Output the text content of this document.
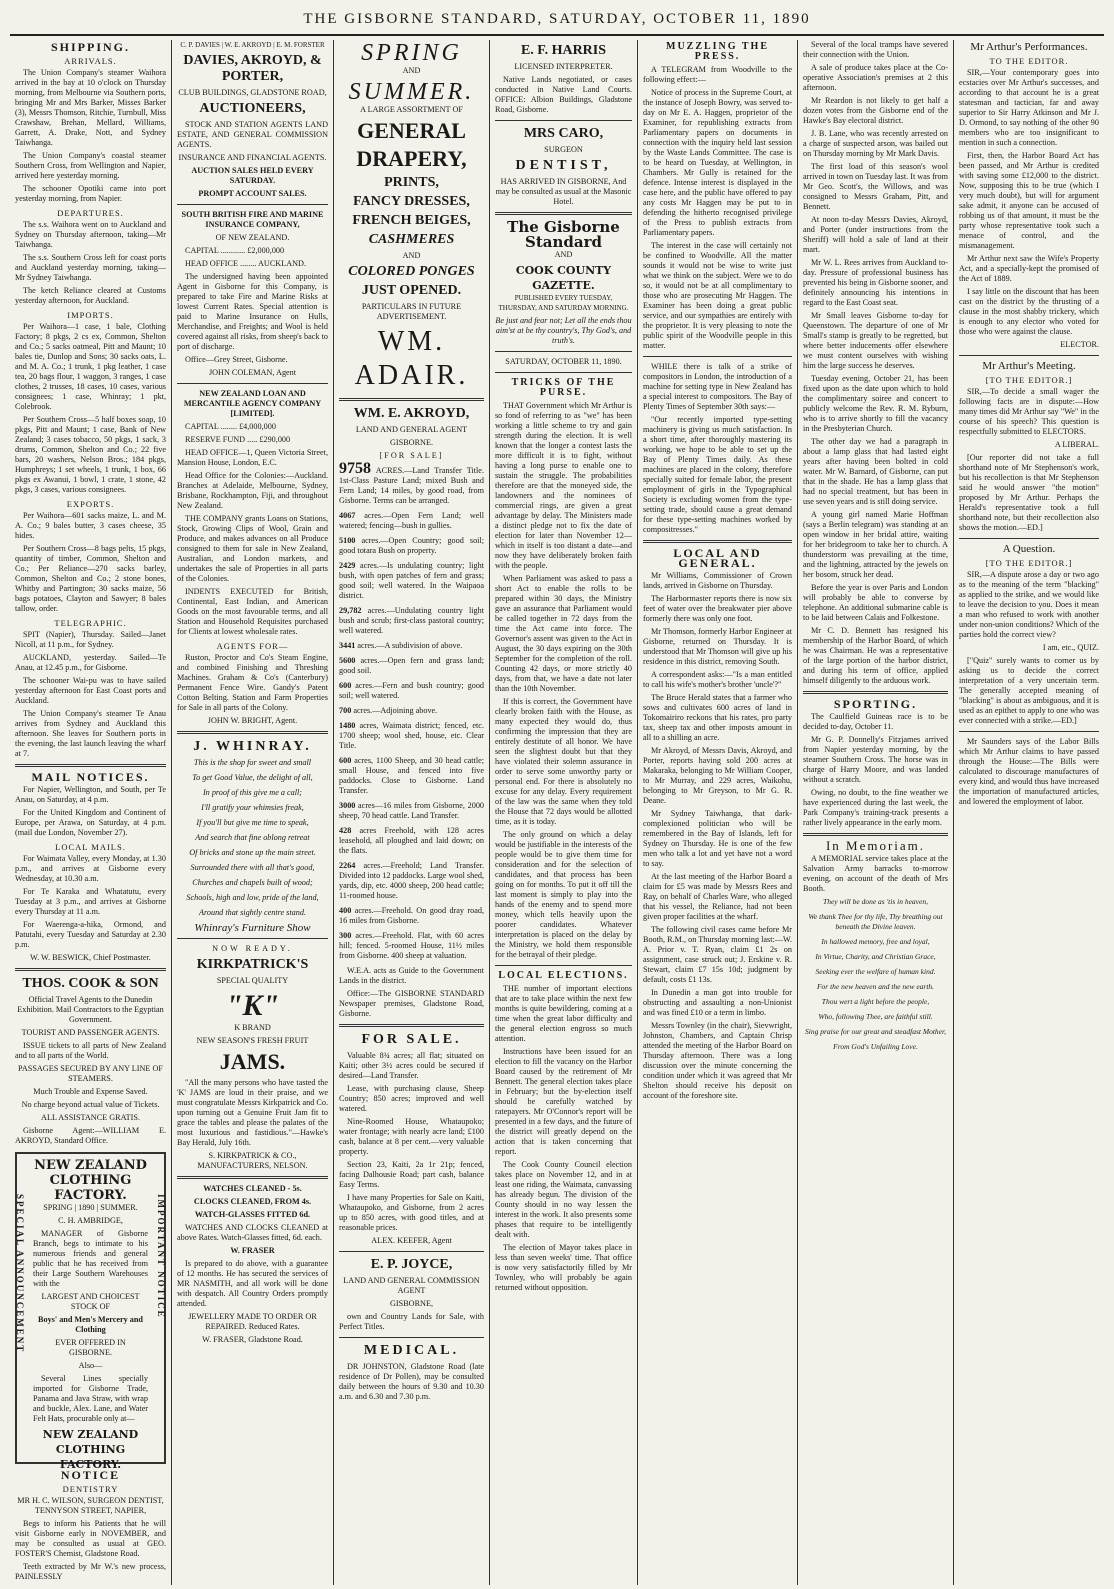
THE GISBORNE STANDARD, SATURDAY, OCTOBER 11, 1890
SHIPPING.
ARRIVALS.

The Union Company's steamer Waihora arrived in the bay at 10 o'clock on Thursday morning, from Melbourne via Southern ports, bringing Mr and Mrs Barker, Misses Barker (3), Messrs Thomson, Ritchie, Turnbull, Miss Crawshaw, Brehan, Mellard, Williams, Garrett, A. Drake, Nott, and Sydney Taiwhanga.

The Union Company's coastal steamer Southern Cross, from Wellington and Napier, arrived here yesterday morning.

The schooner Opotiki came into port yesterday morning, from Napier.

DEPARTURES.

The s.s. Waihora went on to Auckland and Sydney on Thursday afternoon, taking—Mr Taiwhanga.

The s.s. Southern Cross left for coast ports and Auckland yesterday morning, taking—Mr Sydney Taiwhanga.

The ketch Reliance cleared at Customs yesterday afternoon, for Auckland.

IMPORTS.

Per Waihora—1 case, 1 bale, Clothing Factory; 8 pkgs, 2 cs ex, Common, Shelton and Co.; 5 sacks oatmeal, Pitt and Maunt; 10 bales tie, Dunlop and Sons; 30 sacks oats, L. and M. A. Co.; 1 trunk, 1 pkg leather, 1 case tea, 20 bags flour, 1 waggon, 3 ranges, 1 case clothes, 2 trusses, 18 cases, 10 cases, various consignees; 1 case, Whinray; 1 pkt, Colebrook.

Per Southern Cross—5 half boxes soap, 10 pkgs, Pitt and Maunt; 1 case, Bank of New Zealand; 3 cases tobacco, 50 pkgs, 1 sack, 3 drums, Common, Shelton and Co.; 22 five bars, 20 washers, Nelson Bros.; 184 pkgs, Humphreys; 1 set wheels, 1 trunk, 1 box, 66 pkgs ex Awanui, 1 bowl, 1 crate, 1 stone, 42 pkgs, 3 cases, various consignees.

EXPORTS.

Per Waihora—601 sacks maize, L. and M. A. Co.; 9 bales butter, 3 cases cheese, 35 hides.

Per Southern Cross—8 bags pelts, 15 pkgs, quantity of timber, Common, Shelton and Co.; Per Reliance—270 sacks barley, Common, Shelton and Co.; 2 stone bones, Whitby and Partington; 30 sacks maize, 56 bags potatoes, Clayton and Sawyer; 8 bales tallow, order.

TELEGRAPHIC.

SPIT (Napier), Thursday. Sailed—Janet Nicoll, at 11 p.m., for Sydney.

AUCKLAND, yesterday. Sailed—Te Anau, at 12.45 p.m., for Gisborne.

The schooner Wai-pu was to have sailed yesterday afternoon for East Coast ports and Auckland.

The Union Company's steamer Te Anau arrives from Sydney and Auckland this afternoon. She leaves for Southern ports in the evening, the last launch leaving the wharf at 7.

MAIL NOTICES.

For Napier, Wellington, and South, per Te Anau, on Saturday, at 4 p.m.

For the United Kingdom and Continent of Europe, per Arawa, on Saturday, at 4 p.m. (mail due London, November 27).

LOCAL MAILS.

For Waimata Valley, every Monday, at 1.30 p.m., and arrives at Gisborne every Wednesday, at 10.30 a.m.

For Te Karaka and Whatatutu, every Tuesday at 3 p.m., and arrives at Gisborne every Thursday at 11 a.m.

For Waerenga-a-hika, Ormond, and Patutahi, every Tuesday and Saturday at 2.30 p.m.

W. W. BESWICK, Chief Postmaster.

THOS. COOK & SON

Official Travel Agents to the Dunedin Exhibition. Mail Contractors to the Egyptian Government.

TOURIST AND PASSENGER AGENTS.

ISSUE tickets to all parts of New Zealand and to all parts of the World.

PASSAGES SECURED BY ANY LINE OF STEAMERS.

Much Trouble and Expense Saved.

No charge beyond actual value of Tickets.

ALL ASSISTANCE GRATIS.

Gisborne Agent:—WILLIAM E. AKROYD, Standard Office.

SPECIAL ANNOUNCEMENT	IMPORTANT NOTICE
NEW ZEALAND
CLOTHING FACTORY.

SPRING | 1890 | SUMMER.

C. H. AMBRIDGE,

MANAGER of Gisborne Branch, begs to intimate to his numerous friends and general public that he has received from their Large Southern Warehouses with the

LARGEST AND CHOICEST STOCK OF

Boys' and Men's Mercery and Clothing

EVER OFFERED IN GISBORNE.

Also—

Several Lines specially imported for Gisborne Trade, Panama and Java Straw, with wrap and buckle, Alex. Lane, and Water Felt Hats, procurable only at—

NEW ZEALAND CLOTHING FACTORY.
NOTICE
DENTISTRY

MR H. C. WILSON, SURGEON DENTIST, TENNYSON STREET, NAPIER,

Begs to inform his Patients that he will visit Gisborne early in NOVEMBER, and may be consulted as usual at GEO. FOSTER'S Chemist, Gladstone Road.

Teeth extracted by Mr W.'s new process, PAINLESSLY

C. P. DAVIES | W. E. AKROYD | E. M. FORSTER

DAVIES, AKROYD, & PORTER,

CLUB BUILDINGS, GLADSTONE ROAD,

AUCTIONEERS,

STOCK AND STATION AGENTS LAND ESTATE, AND GENERAL COMMISSION AGENTS.

INSURANCE AND FINANCIAL AGENTS.

AUCTION SALES HELD EVERY SATURDAY.

PROMPT ACCOUNT SALES.

SOUTH BRITISH FIRE AND MARINE INSURANCE COMPANY,

OF NEW ZEALAND.

CAPITAL ............ £2,000,000

HEAD OFFICE ........ AUCKLAND.

The undersigned having been appointed Agent in Gisborne for this Company, is prepared to take Fire and Marine Risks at lowest Current Rates. Special attention is paid to Marine Insurance on Hulls, Merchandise, and Freights; and Wool is held covered against all risks, from sheep's back to port of discharge.

Office—Grey Street, Gisborne.

JOHN COLEMAN, Agent

NEW ZEALAND LOAN AND MERCANTILE AGENCY COMPANY [LIMITED].

CAPITAL ........ £4,000,000

RESERVE FUND ..... £290,000

HEAD OFFICE—1, Queen Victoria Street, Mansion House, London, E.C.

Head Office for the Colonies:—Auckland. Branches at Adelaide, Melbourne, Sydney, Brisbane, Rockhampton, Fiji, and throughout New Zealand.

THE COMPANY grants Loans on Stations, Stock, Growing Clips of Wool, Grain and Produce, and makes advances on all Produce consigned to them for sale in New Zealand, Australian, and London markets, and undertakes the sale of Properties in all parts of the Colonies.

INDENTS EXECUTED for British, Continental, East Indian, and American Goods on the most favourable terms, and all Station and Household Requisites purchased for Clients at lowest wholesale rates.

AGENTS FOR—

Ruston, Proctor and Co's Steam Engine, and combined Finishing and Threshing Machines. Graham & Co's (Canterbury) Permanent Fence Wire. Gandy's Patent Cotton Belting. Station and Farm Properties for Sale in all parts of the Colony.

JOHN W. BRIGHT, Agent.

J. WHINRAY.

This is the shop for sweet and small

To get Good Value, the delight of all,

In proof of this give me a call;

I'll gratify your whimsies freak,

If you'll but give me time to speak,

And search that fine oblong retreat

Of bricks and stone up the main street.

Surrounded there with all that's good,

Churches and chapels built of wood;

Schools, high and low, pride of the land,

Around that sightly centre stand.

Whinray's Furniture Show

NOW READY.

KIRKPATRICK'S

SPECIAL QUALITY

"K"

K BRAND

NEW SEASON'S FRESH FRUIT

JAMS.

"All the many persons who have tasted the 'K' JAMS are loud in their praise, and we must congratulate Messrs Kirkpatrick and Co. upon turning out a Genuine Fruit Jam fit to grace the tables and please the palates of the most luxurious and fastidious."—Hawke's Bay Herald, July 16th.

S. KIRKPATRICK & CO., MANUFACTURERS, NELSON.

WATCHES CLEANED - 5s.

CLOCKS CLEANED, FROM 4s.

WATCH-GLASSES FITTED 6d.

WATCHES AND CLOCKS CLEANED at above Rates. Watch-Glasses fitted, 6d. each.

W. FRASER

Is prepared to do above, with a guarantee of 12 months. He has secured the services of MR NASMITH, and all work will be done with despatch. All Country Orders promptly attended.

JEWELLERY MADE TO ORDER OR REPAIRED. Reduced Rates.

W. FRASER, Gladstone Road.

SPRING

AND

SUMMER.

A LARGE ASSORTMENT OF

GENERAL
DRAPERY,
PRINTS,
FANCY DRESSES,
FRENCH BEIGES,
CASHMERES

AND

COLORED PONGES
JUST OPENED.

PARTICULARS IN FUTURE ADVERTISEMENT.

WM. ADAIR.
WM. E. AKROYD,

LAND AND GENERAL AGENT

GISBORNE.

[FOR SALE]

9758 ACRES.—Land Transfer Title. 1st-Class Pasture Land; mixed Bush and Fern Land; 14 miles, by good road, from Gisborne. Terms can be arranged.

4067 acres.—Open Fern Land; well watered; fencing—bush in gullies.

5100 acres.—Open Country; good soil; good totara Bush on property.

2429 acres.—Is undulating country; light bush, with open patches of fern and grass; good soil; well watered. In the Waipaoa district.

29,782 acres.—Undulating country light bush and scrub; first-class pastoral country; well watered.

3441 acres.—A subdivision of above.

5600 acres.—Open fern and grass land; good soil.

600 acres.—Fern and bush country; good soil; well watered.

700 acres.—Adjoining above.

1480 acres, Waimata district; fenced, etc. 1700 sheep; wool shed, house, etc. Clear Title.

600 acres, 1100 Sheep, and 30 head cattle; small House, and fenced into five paddocks. Close to Gisborne. Land Transfer.

3000 acres—16 miles from Gisborne, 2000 sheep, 70 head cattle. Land Transfer.

428 acres Freehold, with 128 acres leasehold, all ploughed and laid down; on the flats.

2264 acres.—Freehold; Land Transfer. Divided into 12 paddocks. Large wool shed, yards, dip, etc. 4000 sheep, 200 head cattle; 11-roomed house.

400 acres.—Freehold. On good dray road, 16 miles from Gisborne.

300 acres.—Freehold. Flat, with 60 acres hill; fenced. 5-roomed House, 11½ miles from Gisborne. 400 sheep at valuation.

W.E.A. acts as Guide to the Government Lands in the district.

Office:—The GISBORNE STANDARD Newspaper premises, Gladstone Road, Gisborne.

FOR SALE.

Valuable 8¾ acres; all flat; situated on Kaiti; other 3½ acres could be secured if desired—Land Transfer.

Lease, with purchasing clause, Sheep Country; 850 acres; improved and well watered.

Nine-Roomed House, Whataupoko; water frontage; with nearly acre land; £100 cash, balance at 8 per cent.—very valuable property.

Section 23, Kaiti, 2a 1r 21p; fenced, facing Dalhousie Road; part cash, balance Easy Terms.

I have many Properties for Sale on Kaiti, Whataupoko, and Gisborne, from 2 acres up to 850 acres, with good titles, and at reasonable prices.

ALEX. KEEFER, Agent

E. P. JOYCE,

LAND AND GENERAL COMMISSION AGENT

GISBORNE,

own and Country Lands for Sale, with Perfect Titles.

MEDICAL.

DR JOHNSTON, Gladstone Road (late residence of Dr Pollen), may be consulted daily between the hours of 9.30 and 10.30 a.m. and 6.30 and 7.30 p.m.

E. F. HARRIS

LICENSED INTERPRETER.

Native Lands negotiated, or cases conducted in Native Land Courts. OFFICE: Albion Buildings, Gladstone Road, Gisborne.

MRS CARO,

SURGEON

DENTIST,

HAS ARRIVED IN GISBORNE, And may be consulted as usual at the Masonic Hotel.

The Gisborne Standard

AND

COOK COUNTY GAZETTE.

PUBLISHED EVERY TUESDAY, THURSDAY, AND SATURDAY MORNING.

Be just and fear not; Let all the ends thou aim'st at be thy country's, Thy God's, and truth's.

SATURDAY, OCTOBER 11, 1890.

TRICKS OF THE PURSE.

THAT Government which Mr Arthur is so fond of referring to as "we" has been working a little scheme to try and gain strength during the election. It is well known that the longer a contest lasts the more difficult it is to fight, without having a long purse to enable one to sustain the struggle. The probabilities therefore are that the moneyed side, the landowners and the nominees of commercial rings, are given a great advantage by delay. The Ministers made a distinct pledge not to fix the date of election for later than November 12—which in itself is too distant a date—and now they have deliberately broken faith with the people.

When Parliament was asked to pass a short Act to enable the rolls to be prepared within 30 days, the Ministry gave an assurance that Parliament would be called together in 72 days from the time the Act came into force. The Governor's assent was given to the Act in August, the 30 days expiring on the 30th September for the completion of the roll. Counting 42 days, or more strictly 40 days, from that, we have a date not later than the 10th November.

If this is correct, the Government have clearly broken faith with the House, as many expected they would do, thus confirming the impression that they are entirely destitute of all honor. We have seen the slightest doubt but that they have violated their solemn assurance in order to serve some unworthy party or personal end. For there is absolutely no excuse for any delay. Every requirement of the law was the same when they told the House that 72 days would be allotted time, as it is today.

The only ground on which a delay would be justifiable in the interests of the people would be to give them time for consideration and for the selection of candidates, and that process has been going on for months. To put it off till the last moment is simply to play into the hands of the enemy and to spend more money, which tells heavily upon the poorer candidates. Whatever interpretation is placed on the delay by the Ministry, we hold them responsible for the betrayal of their pledge.

LOCAL ELECTIONS.

THE number of important elections that are to take place within the next few months is quite bewildering, coming at a time when the great labor difficulty and the general election engross so much attention.

Instructions have been issued for an election to fill the vacancy on the Harbor Board caused by the retirement of Mr Bennett. The general election takes place in February; but the by-election itself should be carefully watched by ratepayers. Mr O'Connor's report will be presented in a few days, and the future of the district will greatly depend on the action that is taken concerning that report.

The Cook County Council election takes place on November 12, and in at least one riding, the Waimata, canvassing has already begun. The division of the County should in no way lessen the interest in the work. It also presents some phases that require to be intelligently dealt with.

The election of Mayor takes place in less than seven weeks' time. That office is now very satisfactorily filled by Mr Townley, who will probably be again returned without opposition.

MUZZLING THE PRESS.

A TELEGRAM from Woodville to the following effect:—

Notice of process in the Supreme Court, at the instance of Joseph Bowry, was served to-day on Mr E. A. Haggen, proprietor of the Examiner, for republishing extracts from Parliamentary papers on documents in connection with the inquiry held last session by the Waste Lands Committee. The case is to be heard on Tuesday, at Wellington, in Chambers. Mr Gully is retained for the defence. Intense interest is displayed in the case here, and the public have offered to pay any costs Mr Haggen may be put to in defending the hitherto recognised privilege of the Press to publish extracts from Parliamentary papers.

The interest in the case will certainly not be confined to Woodville. All the matter sounds it would not be wise to write just what we think on the subject. Were we to do so, it would not be at all complimentary to those who are prosecuting Mr Haggen. The Examiner has been doing a great public service, and our sympathies are entirely with the proprietor. It is very pleasing to note the public spirit of the Woodville people in this matter.

WHILE there is talk of a strike of compositors in London, the introduction of a machine for setting type in New Zealand has a special interest to compositors. The Bay of Plenty Times of September 30th says:—

"Our recently imported type-setting machinery is giving us much satisfaction. In a short time, after thoroughly mastering its working, we hope to be able to set up the Bay of Plenty Times daily. As these machines are placed in the colony, therefore specially suited for female labor, the present employment of girls in the Typographical Society is excluding women from the type-setting trade, should cause a great demand for these type-setting machines worked by compositresses."

LOCAL AND GENERAL.

Mr Williams, Commissioner of Crown lands, arrived in Gisborne on Thursday.

The Harbormaster reports there is now six feet of water over the breakwater pier above formerly there was only one foot.

Mr Thomson, formerly Harbor Engineer at Gisborne, returned on Thursday. It is understood that Mr Thomson will give up his residence in this district, removing South.

A correspondent asks:—"Is a man entitled to call his wife's mother's brother 'uncle'?"

The Bruce Herald states that a farmer who sows and cultivates 600 acres of land in Tokomairiro reckons that his rates, pro party tax, sheep tax and other imposts amount in all to a shilling an acre.

Mr Akroyd, of Messrs Davis, Akroyd, and Porter, reports having sold 200 acres at Makaraka, belonging to Mr William Cooper, to Mr Murray, and 229 acres, Waikohu, belonging to Mr Greyson, to Mr G. R. Deane.

Mr Sydney Taiwhanga, that dark-complexioned politician who will be remembered in the Bay of Islands, left for Sydney on Thursday. He is one of the few men who talk a lot and yet have not a word to say.

At the last meeting of the Harbor Board a claim for £5 was made by Messrs Rees and Ray, on behalf of Charles Ware, who alleged that his vessel, the Reliance, had not been given proper facilities at the wharf.

The following civil cases came before Mr Booth, R.M., on Thursday morning last:—W. A. Prior v. T. Ryan, claim £1 2s on assignment, case struck out; J. Erskine v. R. Stewart, claim £7 15s 10d; judgment by default, costs £1 13s.

In Dunedin a man got into trouble for obstructing and assaulting a non-Unionist and was fined £10 or a term in limbo.

Messrs Townley (in the chair), Sievwright, Johnston, Chambers, and Captain Chrisp attended the meeting of the Harbor Board on Thursday afternoon. There was a long discussion over the minute concerning the condition under which it was agreed that Mr Shelton should receive his deposit on account of the foreshore site.

Several of the local tramps have severed their connection with the Union.

A sale of produce takes place at the Co-operative Association's premises at 2 this afternoon.

Mr Reardon is not likely to get half a dozen votes from the Gisborne end of the Hawke's Bay electoral district.

J. B. Lane, who was recently arrested on a charge of suspected arson, was bailed out on Thursday morning by Mr Mark Davis.

The first load of this season's wool arrived in town on Tuesday last. It was from Mr Geo. Scott's, the Willows, and was consigned to Messrs Graham, Pitt, and Bennett.

At noon to-day Messrs Davies, Akroyd, and Porter (under instructions from the Sheriff) will hold a sale of land at their mart.

Mr W. L. Rees arrives from Auckland to-day. Pressure of professional business has prevented his being in Gisborne sooner, and definitely announcing his intentions in regard to the East Coast seat.

Mr Small leaves Gisborne to-day for Queenstown. The departure of one of Mr Small's stamp is greatly to be regretted, but where better inducements offer elsewhere we must content ourselves with wishing him the large success he deserves.

Tuesday evening, October 21, has been fixed upon as the date upon which to hold the complimentary soiree and concert to publicly welcome the Rev. R. M. Ryburn, who is to arrive shortly to fill the vacancy in the Presbyterian Church.

The other day we had a paragraph in about a lamp glass that had lasted eight years after having been bolted in cold water. Mr W. Barnard, of Gisborne, can put that in the shade. He has a lamp glass that had no special treatment, but has been in use seven years and is still doing service.

A young girl named Marie Hoffman (says a Berlin telegram) was standing at an open window in her bridal attire, waiting for her bridegroom to take her to church. A thunderstorm was prevailing at the time, and the lightning, attracted by the jewels on her bosom, struck her dead.

Before the year is over Paris and London will probably be able to converse by telephone. An additional submarine cable is to be laid between Calais and Folkestone.

Mr C. D. Bennett has resigned his membership of the Harbor Board, of which he was Chairman. He was a representative of the large portion of the harbor district, and during his term of office, applied himself diligently to the arduous work.

SPORTING.

The Caulfield Guineas race is to be decided to-day, October 11.

Mr G. P. Donnelly's Fitzjames arrived from Napier yesterday morning, by the steamer Southern Cross. The horse was in charge of Harry Moore, and was landed without a scratch.

Owing, no doubt, to the fine weather we have experienced during the last week, the Park Company's training-track presents a rather lively appearance in the early morn.

In Memoriam.

A MEMORIAL service takes place at the Salvation Army barracks to-morrow evening, on account of the death of Mrs Booth.

They will be done as 'tis in heaven,

We thank Thee for thy life, Thy breathing out beneath the Divine leaven.

In hallowed memory, free and loyal,

In Virtue, Charity, and Christian Grace,

Seeking ever the welfare of human kind.

For the new heaven and the new earth.

Thou wert a light before the people,

Who, following Thee, are faithful still.

Sing praise for our great and steadfast Mother,

From God's Unfailing Love.

Mr Arthur's Performances.
TO THE EDITOR.

SIR,—Your contemporary goes into ecstacies over Mr Arthur's successes, and according to that account he is a great statesman and tactician, far and away superior to Sir Harry Atkinson and Mr J. D. Ormond, to say nothing of the other 90 members who are too insignificant to mention in such a connection.

First, then, the Harbor Board Act has been passed, and Mr Arthur is credited with saving some £12,000 to the district. Now, supposing this to be true (which I very much doubt), but will for argument sake admit, it anyone can be accused of robbing us of that amount, it must be the party whose representative took such a menace of control, and the mismanagement.

Mr Arthur next saw the Wife's Property Act, and a specially-kept the promised of the Act of 1889.

I say little on the discount that has been cast on the district by the thrusting of a clause in the most shabby trickery, which is enough to any elector who voted for those who were against the clause.

ELECTOR.

Mr Arthur's Meeting.
[TO THE EDITOR.]

SIR,—To decide a small wager the following facts are in dispute:—How many times did Mr Arthur say "We" in the course of his speech? This question is respectfully submitted to ELECTORS.

A LIBERAL.

[Our reporter did not take a full shorthand note of Mr Stephenson's work, but his recollection is that Mr Stephenson said he would answer "the motion" proposed by Mr Arthur. Perhaps the Herald's representative took a full shorthand note, but their recollection also shows the motion.—ED.]

A Question.
[TO THE EDITOR.]

SIR,—A dispute arose a day or two ago as to the meaning of the term "blacking" as applied to the strike, and we would like to leave the decision to you. Does it mean a man who refused to work with another under non-union conditions? Which of the parties hold the correct view?

I am, etc., QUIZ.

["Quiz" surely wants to corner us by asking us to decide the correct interpretation of a very uncertain term. The generally accepted meaning of "blacking" is about as ambiguous, and it is used as an epithet to apply to one who was ever connected with a strike.—ED.]

Mr Saunders says of the Labor Bills which Mr Arthur claims to have passed through the House:—The Bills were calculated to discourage manufactures of every kind, and would thus have increased the importation of manufactured articles, and lowered the employment of labor.
